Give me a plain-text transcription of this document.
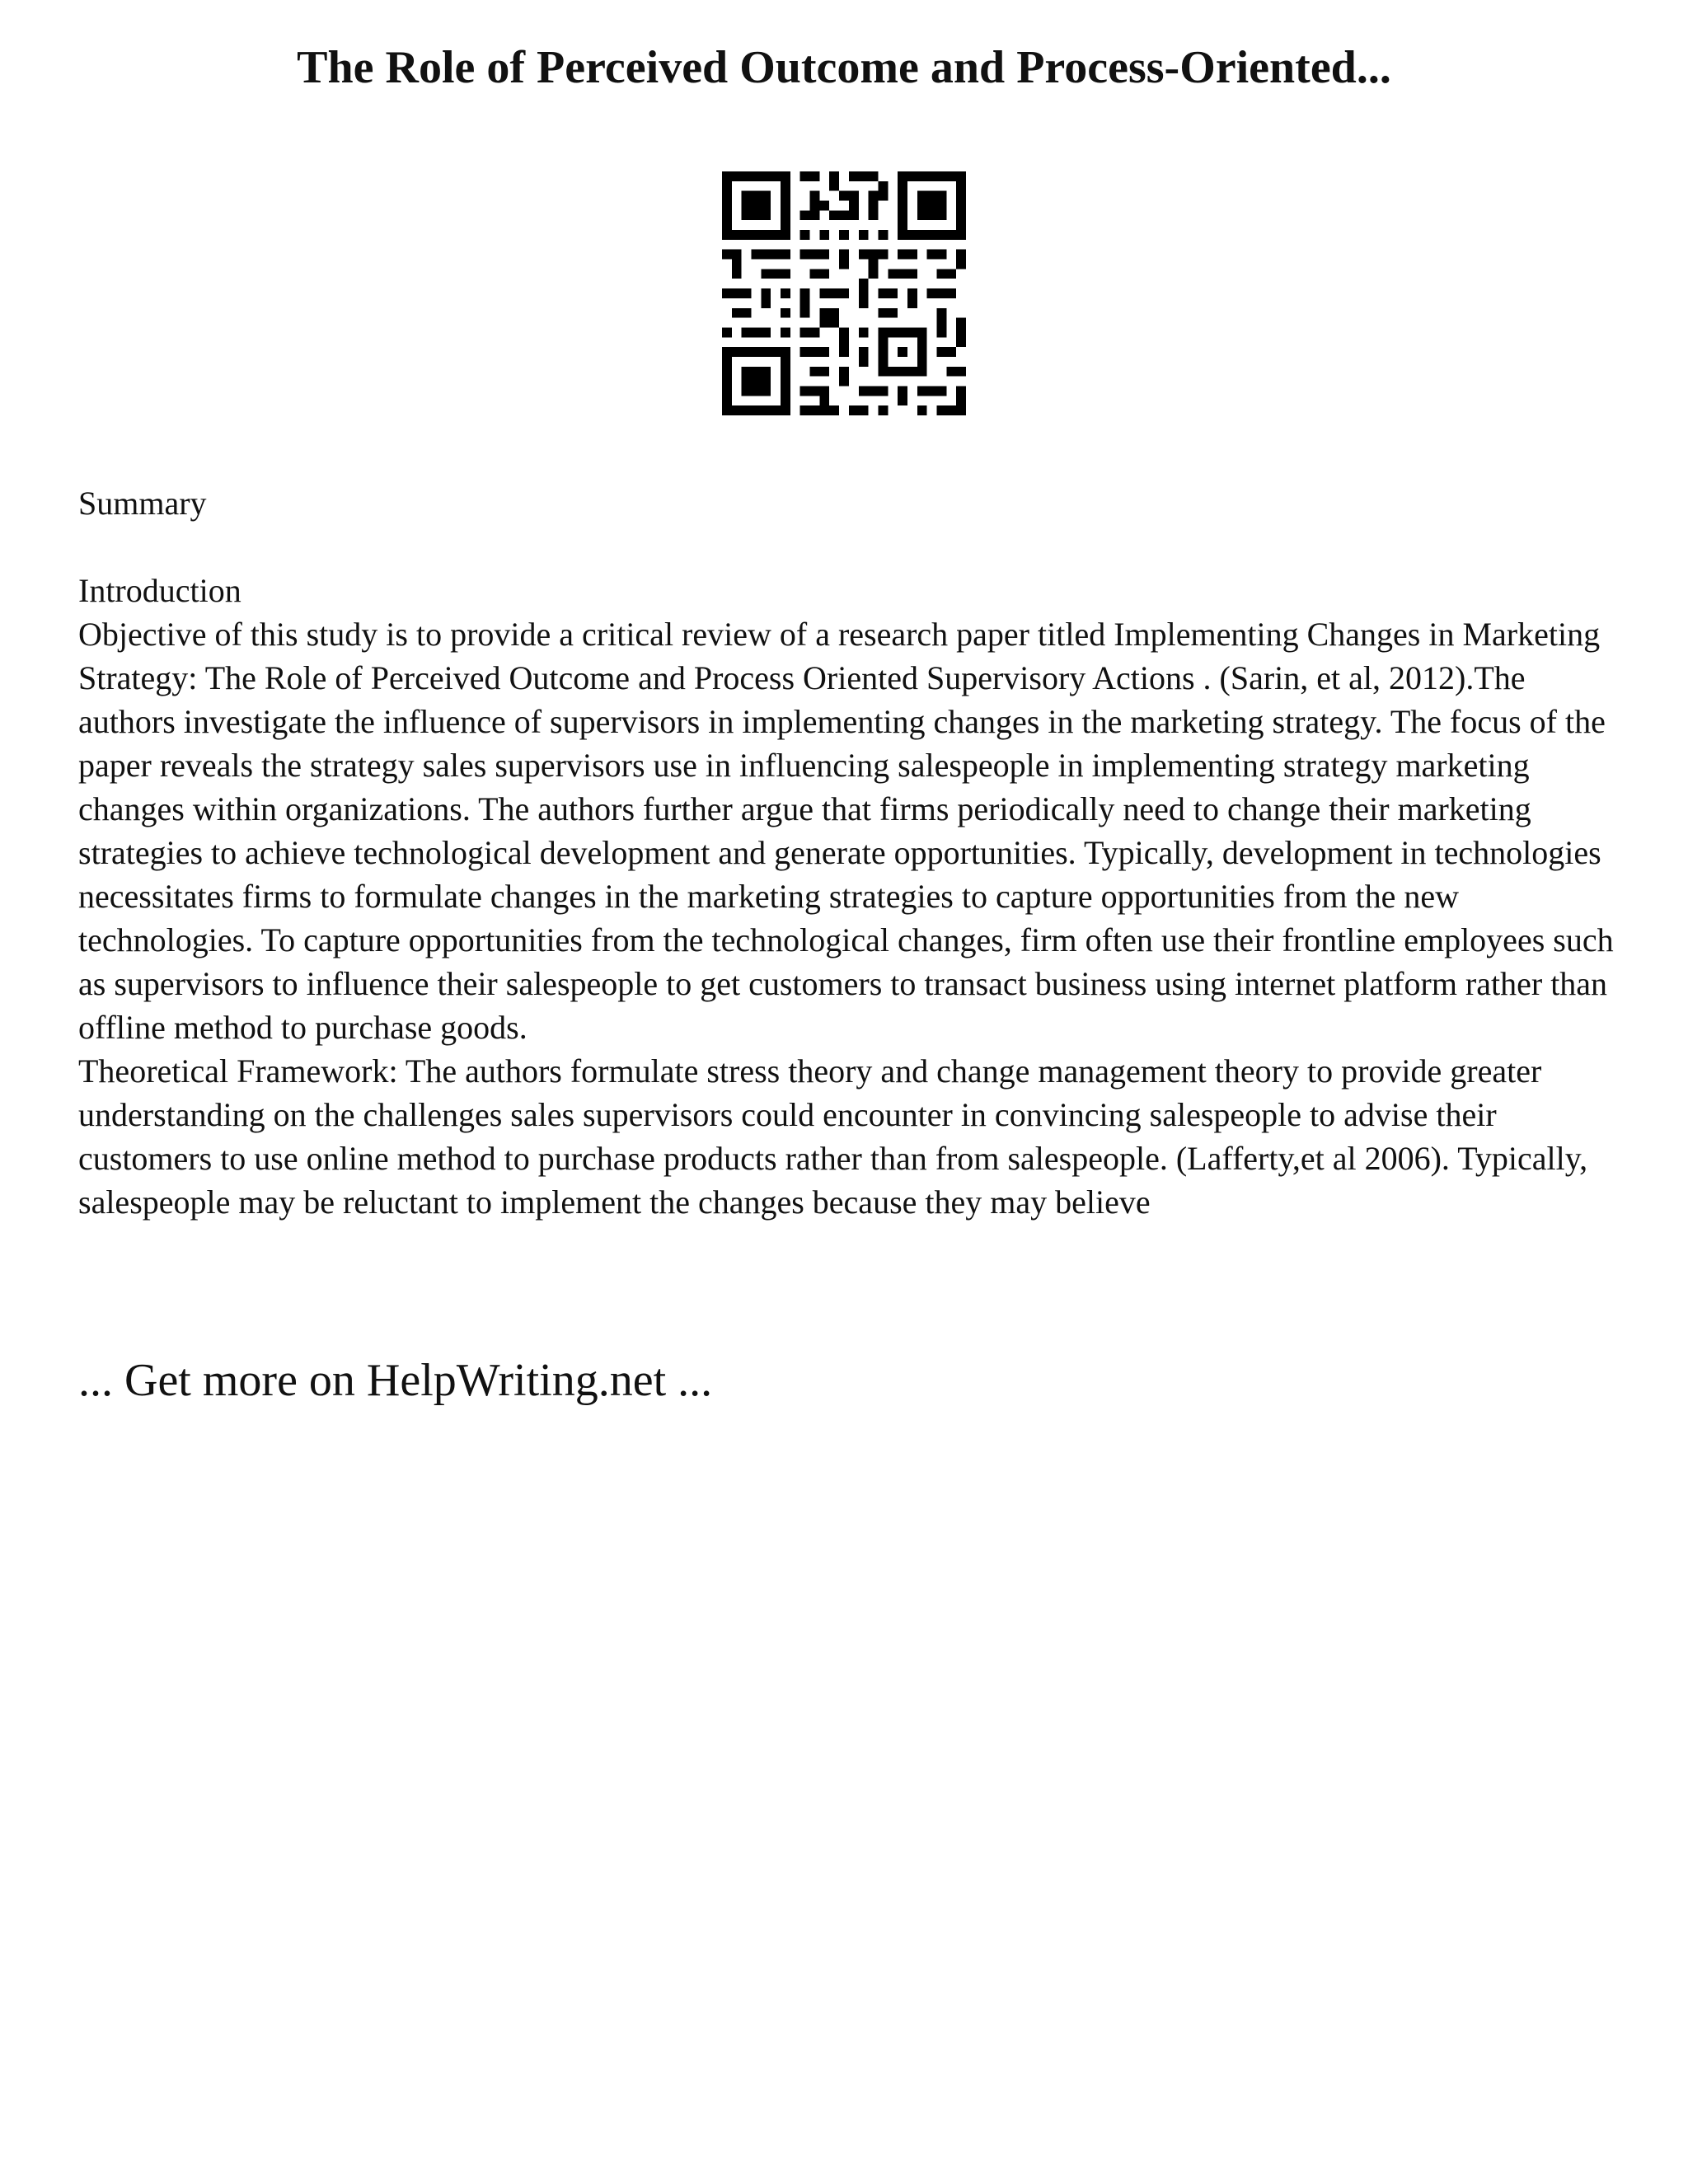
The Role of Perceived Outcome and Process-Oriented...

Summary

Introduction

Objective of this study is to provide a critical review of a research paper titled Implementing Changes in Marketing Strategy: The Role of Perceived Outcome and Process Oriented Supervisory Actions . (Sarin, et al, 2012).The authors investigate the influence of supervisors in implementing changes in the marketing strategy. The focus of the paper reveals the strategy sales supervisors use in influencing salespeople in implementing strategy marketing changes within organizations. The authors further argue that firms periodically need to change their marketing strategies to achieve technological development and generate opportunities. Typically, development in technologies necessitates firms to formulate changes in the marketing strategies to capture opportunities from the new technologies. To capture opportunities from the technological changes, firm often use their frontline employees such as supervisors to influence their salespeople to get customers to transact business using internet platform rather than offline method to purchase goods.

Theoretical Framework: The authors formulate stress theory and change management theory to provide greater understanding on the challenges sales supervisors could encounter in convincing salespeople to advise their customers to use online method to purchase products rather than from salespeople. (Lafferty,et al 2006). Typically, salespeople may be reluctant to implement the changes because they may believe

... Get more on HelpWriting.net ...
